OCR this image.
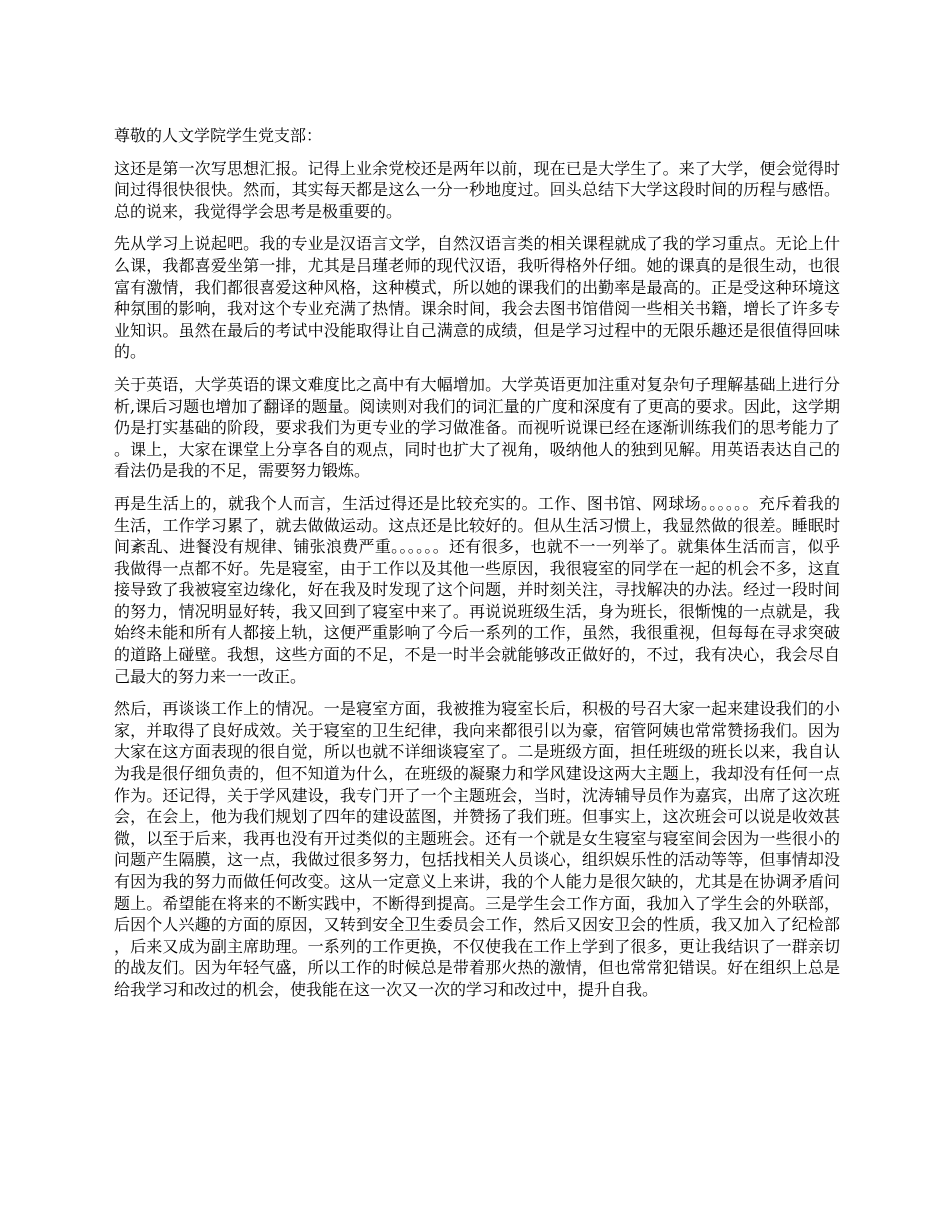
尊敬的人文学院学生党支部：

这还是第一次写思想汇报。记得上业余党校还是两年以前，现在已是大学生了。来了大学，便会觉得时间过得很快很快。然而，其实每天都是这么一分一秒地度过。回头总结下大学这段时间的历程与感悟。总的说来，我觉得学会思考是极重要的。

先从学习上说起吧。我的专业是汉语言文学，自然汉语言类的相关课程就成了我的学习重点。无论上什么课，我都喜爱坐第一排，尤其是吕瑾老师的现代汉语，我听得格外仔细。她的课真的是很生动，也很富有激情，我们都很喜爱这种风格，这种模式，所以她的课我们的出勤率是最高的。正是受这种环境这种氛围的影响，我对这个专业充满了热情。课余时间，我会去图书馆借阅一些相关书籍，增长了许多专业知识。虽然在最后的考试中没能取得让自己满意的成绩，但是学习过程中的无限乐趣还是很值得回味的。

关于英语，大学英语的课文难度比之高中有大幅增加。大学英语更加注重对复杂句子理解基础上进行分析,课后习题也增加了翻译的题量。阅读则对我们的词汇量的广度和深度有了更高的要求。因此，这学期仍是打实基础的阶段，要求我们为更专业的学习做准备。而视听说课已经在逐渐训练我们的思考能力了。课上，大家在课堂上分享各自的观点，同时也扩大了视角，吸纳他人的独到见解。用英语表达自己的看法仍是我的不足，需要努力锻炼。

再是生活上的，就我个人而言，生活过得还是比较充实的。工作、图书馆、网球场。。。。。。充斥着我的生活，工作学习累了，就去做做运动。这点还是比较好的。但从生活习惯上，我显然做的很差。睡眠时间紊乱、进餐没有规律、铺张浪费严重。。。。。。还有很多，也就不一一列举了。就集体生活而言，似乎我做得一点都不好。先是寝室，由于工作以及其他一些原因，我很寝室的同学在一起的机会不多，这直接导致了我被寝室边缘化，好在我及时发现了这个问题，并时刻关注，寻找解决的办法。经过一段时间的努力，情况明显好转，我又回到了寝室中来了。再说说班级生活，身为班长，很惭愧的一点就是，我始终未能和所有人都接上轨，这便严重影响了今后一系列的工作，虽然，我很重视，但每每在寻求突破的道路上碰壁。我想，这些方面的不足，不是一时半会就能够改正做好的，不过，我有决心，我会尽自己最大的努力来一一改正。

然后，再谈谈工作上的情况。一是寝室方面，我被推为寝室长后，积极的号召大家一起来建设我们的小家，并取得了良好成效。关于寝室的卫生纪律，我向来都很引以为豪，宿管阿姨也常常赞扬我们。因为大家在这方面表现的很自觉，所以也就不详细谈寝室了。二是班级方面，担任班级的班长以来，我自认为我是很仔细负责的，但不知道为什么，在班级的凝聚力和学风建设这两大主题上，我却没有任何一点作为。还记得，关于学风建设，我专门开了一个主题班会，当时，沈涛辅导员作为嘉宾，出席了这次班会，在会上，他为我们规划了四年的建设蓝图，并赞扬了我们班。但事实上，这次班会可以说是收效甚微，以至于后来，我再也没有开过类似的主题班会。还有一个就是女生寝室与寝室间会因为一些很小的问题产生隔膜，这一点，我做过很多努力，包括找相关人员谈心，组织娱乐性的活动等等，但事情却没有因为我的努力而做任何改变。这从一定意义上来讲，我的个人能力是很欠缺的，尤其是在协调矛盾问题上。希望能在将来的不断实践中，不断得到提高。三是学生会工作方面，我加入了学生会的外联部，后因个人兴趣的方面的原因，又转到安全卫生委员会工作，然后又因安卫会的性质，我又加入了纪检部，后来又成为副主席助理。一系列的工作更换，不仅使我在工作上学到了很多，更让我结识了一群亲切的战友们。因为年轻气盛，所以工作的时候总是带着那火热的激情，但也常常犯错误。好在组织上总是给我学习和改过的机会，使我能在这一次又一次的学习和改过中，提升自我。
